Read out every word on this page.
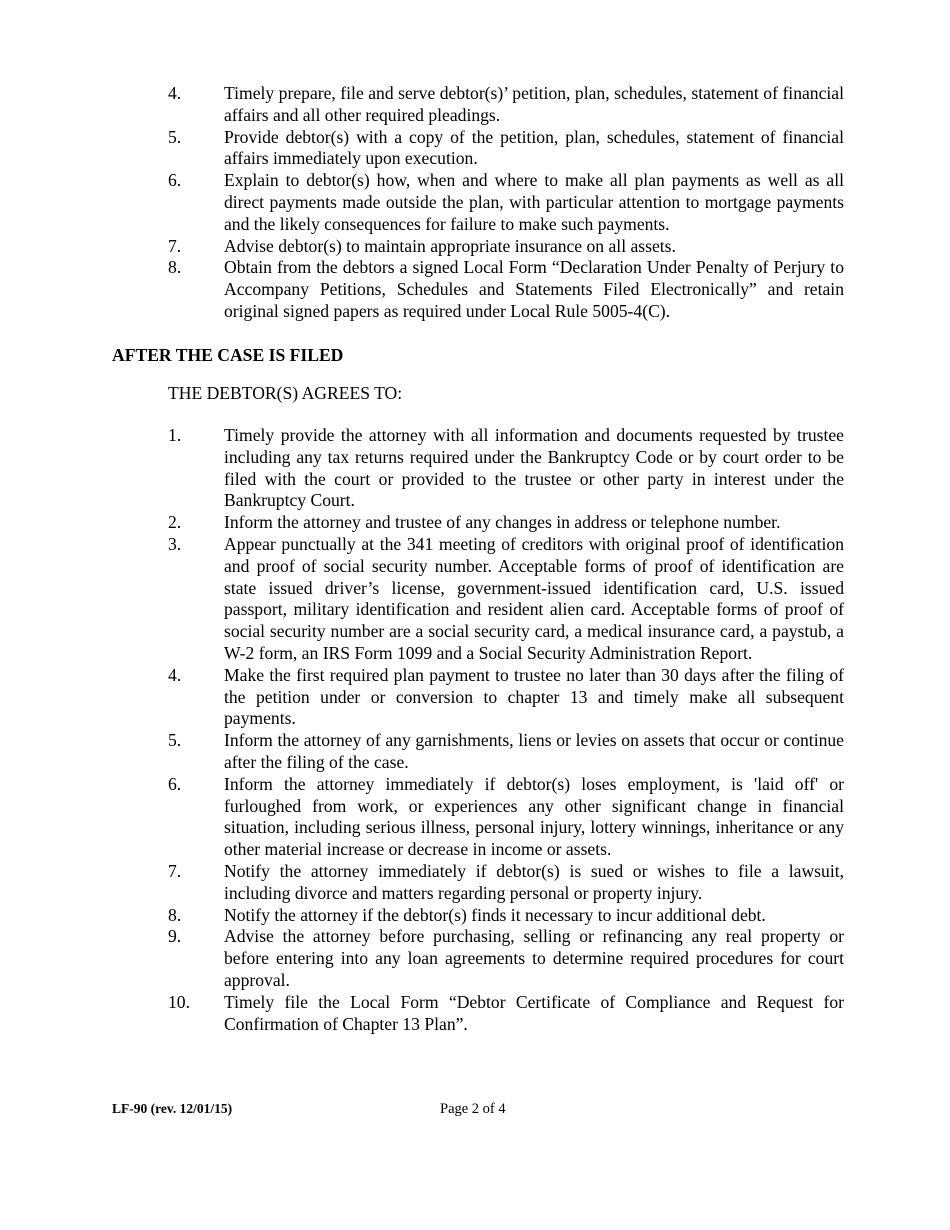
4.	Timely prepare, file and serve debtor(s)’ petition, plan, schedules, statement of financial affairs and all other required pleadings.
5.	Provide debtor(s) with a copy of the petition, plan, schedules, statement of financial affairs immediately upon execution.
6.	Explain to debtor(s) how, when and where to make all plan payments as well as all direct payments made outside the plan, with particular attention to mortgage payments and the likely consequences for failure to make such payments.
7.	Advise debtor(s) to maintain appropriate insurance on all assets.
8.	Obtain from the debtors a signed Local Form “Declaration Under Penalty of Perjury to Accompany Petitions, Schedules and Statements Filed Electronically” and retain original signed papers as required under Local Rule 5005-4(C).
AFTER THE CASE IS FILED

THE DEBTOR(S) AGREES TO:

1.	Timely provide the attorney with all information and documents requested by trustee including any tax returns required under the Bankruptcy Code or by court order to be filed with the court or provided to the trustee or other party in interest under the Bankruptcy Court.
2.	Inform the attorney and trustee of any changes in address or telephone number.
3.	Appear punctually at the 341 meeting of creditors with original proof of identification and proof of social security number. Acceptable forms of proof of identification are state issued driver’s license, government-issued identification card, U.S. issued passport, military identification and resident alien card. Acceptable forms of proof of social security number are a social security card, a medical insurance card, a paystub, a W-2 form, an IRS Form 1099 and a Social Security Administration Report.
4.	Make the first required plan payment to trustee no later than 30 days after the filing of the petition under or conversion to chapter 13 and timely make all subsequent payments.
5.	Inform the attorney of any garnishments, liens or levies on assets that occur or continue after the filing of the case.
6.	Inform the attorney immediately if debtor(s) loses employment, is 'laid off' or furloughed from work, or experiences any other significant change in financial situation, including serious illness, personal injury, lottery winnings, inheritance or any other material increase or decrease in income or assets.
7.	Notify the attorney immediately if debtor(s) is sued or wishes to file a lawsuit, including divorce and matters regarding personal or property injury.
8.	Notify the attorney if the debtor(s) finds it necessary to incur additional debt.
9.	Advise the attorney before purchasing, selling or refinancing any real property or before entering into any loan agreements to determine required procedures for court approval.
10.	Timely file the Local Form “Debtor Certificate of Compliance and Request for Confirmation of Chapter 13 Plan”.
LF-90 (rev. 12/01/15)	Page 2 of 4
